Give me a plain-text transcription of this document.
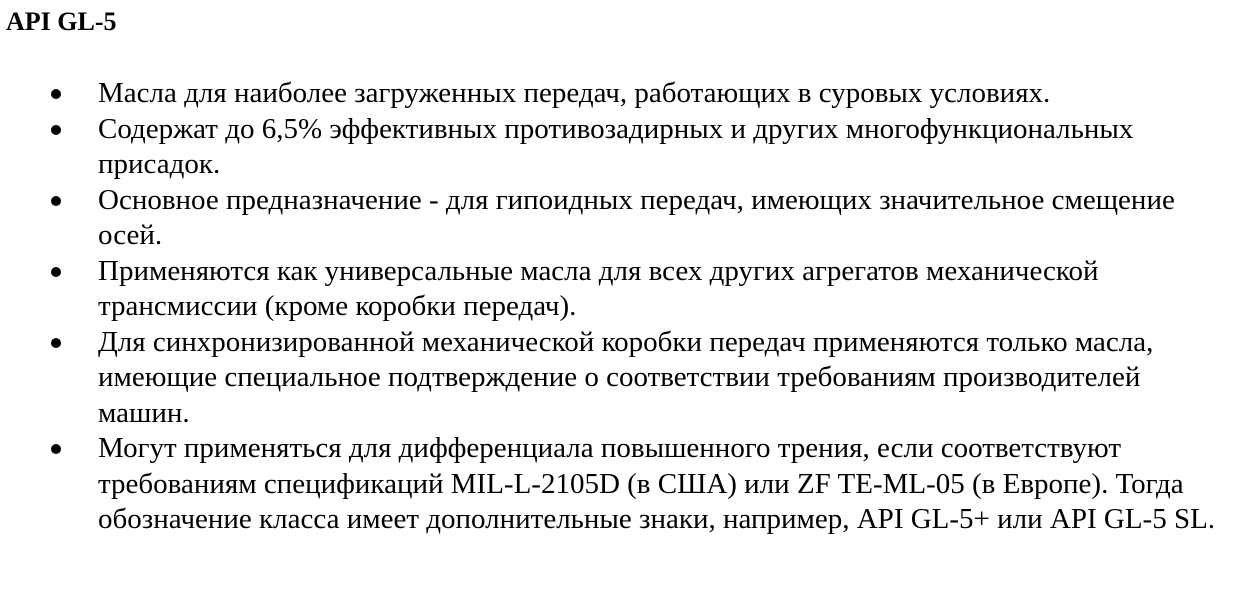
API GL-5
Масла для наиболее загруженных передач, работающих в суровых условиях.
Содержат до 6,5% эффективных противозадирных и других многофункциональных присадок.
Основное предназначение - для гипоидных передач, имеющих значительное смещение осей.
Применяются как универсальные масла для всех других агрегатов механической трансмиссии (кроме коробки передач).
Для синхронизированной механической коробки передач применяются только масла, имеющие специальное подтверждение о соответствии требованиям производителей машин.
Могут применяться для дифференциала повышенного трения, если соответствуют требованиям спецификаций MIL-L-2105D (в США) или ZF TE-ML-05 (в Европе). Тогда обозначение класса имеет дополнительные знаки, например, API GL-5+ или API GL-5 SL.
